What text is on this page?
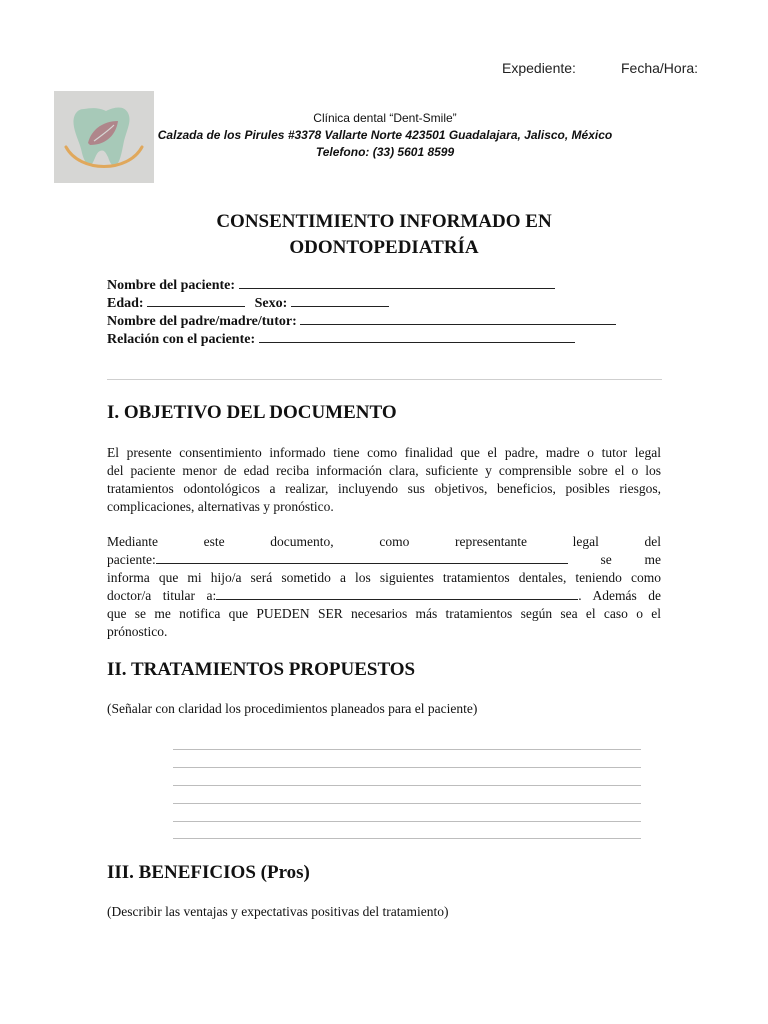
Expediente:	Fecha/Hora:
Clínica dental “Dent-Smile”
Calzada de los Pirules #3378 Vallarte Norte 423501 Guadalajara, Jalisco, México
Telefono: (33) 5601 8599
CONSENTIMIENTO INFORMADO EN
ODONTOPEDIATRÍA
Nombre del paciente:
Edad:	Sexo:
Nombre del padre/madre/tutor:
Relación con el paciente:
I. OBJETIVO DEL DOCUMENTO
El presente consentimiento informado tiene como finalidad que el padre, madre o tutor legal
del paciente menor de edad reciba información clara, suficiente y comprensible sobre el o los
tratamientos odontológicos a realizar, incluyendo sus objetivos, beneficios, posibles riesgos,
complicaciones, alternativas y pronóstico.
Mediante	este	documento,	como	representante	legal	del
paciente:	se me
informa que mi hijo/a será sometido a los siguientes tratamientos dentales, teniendo como
doctor/a titular a:	. Además de
que se me notifica que PUEDEN SER necesarios más tratamientos según sea el caso o el
prónostico.
II. TRATAMIENTOS PROPUESTOS
(Señalar con claridad los procedimientos planeados para el paciente)
III. BENEFICIOS (Pros)
(Describir las ventajas y expectativas positivas del tratamiento)
